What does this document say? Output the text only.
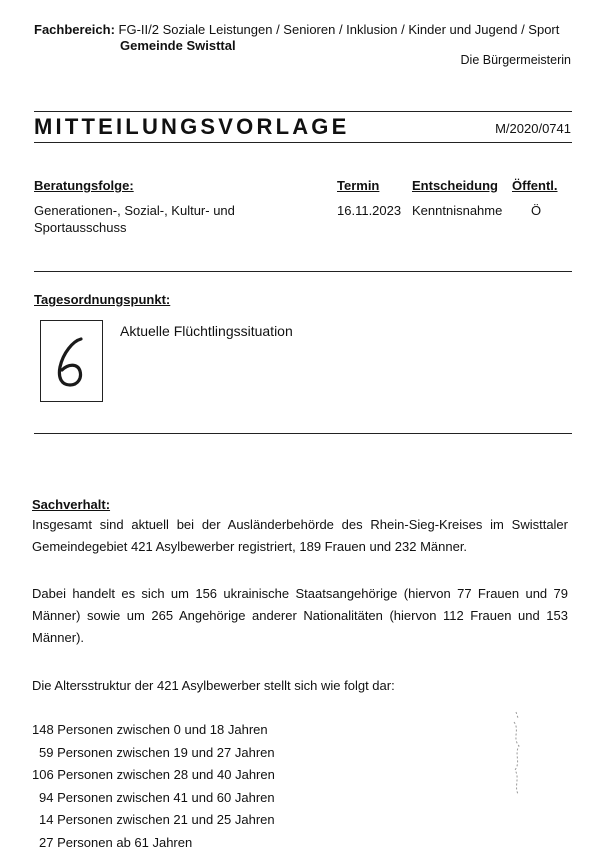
Fachbereich: FG-II/2 Soziale Leistungen / Senioren / Inklusion / Kinder und Jugend / Sport
Gemeinde Swisttal
Die Bürgermeisterin
MITTEILUNGSVORLAGE	M/2020/0741
Beratungsfolge:	Termin	Entscheidung Öffentl.
Generationen-, Sozial-, Kultur- und
Sportausschuss
16.11.2023 Kenntnisnahme Ö
Tagesordnungspunkt:
Aktuelle Flüchtlingssituation
Sachverhalt:
Insgesamt sind aktuell bei der Ausländerbehörde des Rhein-Sieg-Kreises im Swisttaler Gemeindegebiet 421 Asylbewerber registriert, 189 Frauen und 232 Männer.
Dabei handelt es sich um 156 ukrainische Staatsangehörige (hiervon 77 Frauen und 79 Männer) sowie um 265 Angehörige anderer Nationalitäten (hiervon 112 Frauen und 153 Männer).
Die Altersstruktur der 421 Asylbewerber stellt sich wie folgt dar:
148 Personen zwischen 0 und 18 Jahren
59 Personen zwischen 19 und 27 Jahren
106 Personen zwischen 28 und 40 Jahren
94 Personen zwischen 41 und 60 Jahren
14 Personen zwischen 21 und 25 Jahren
27 Personen ab 61 Jahren
